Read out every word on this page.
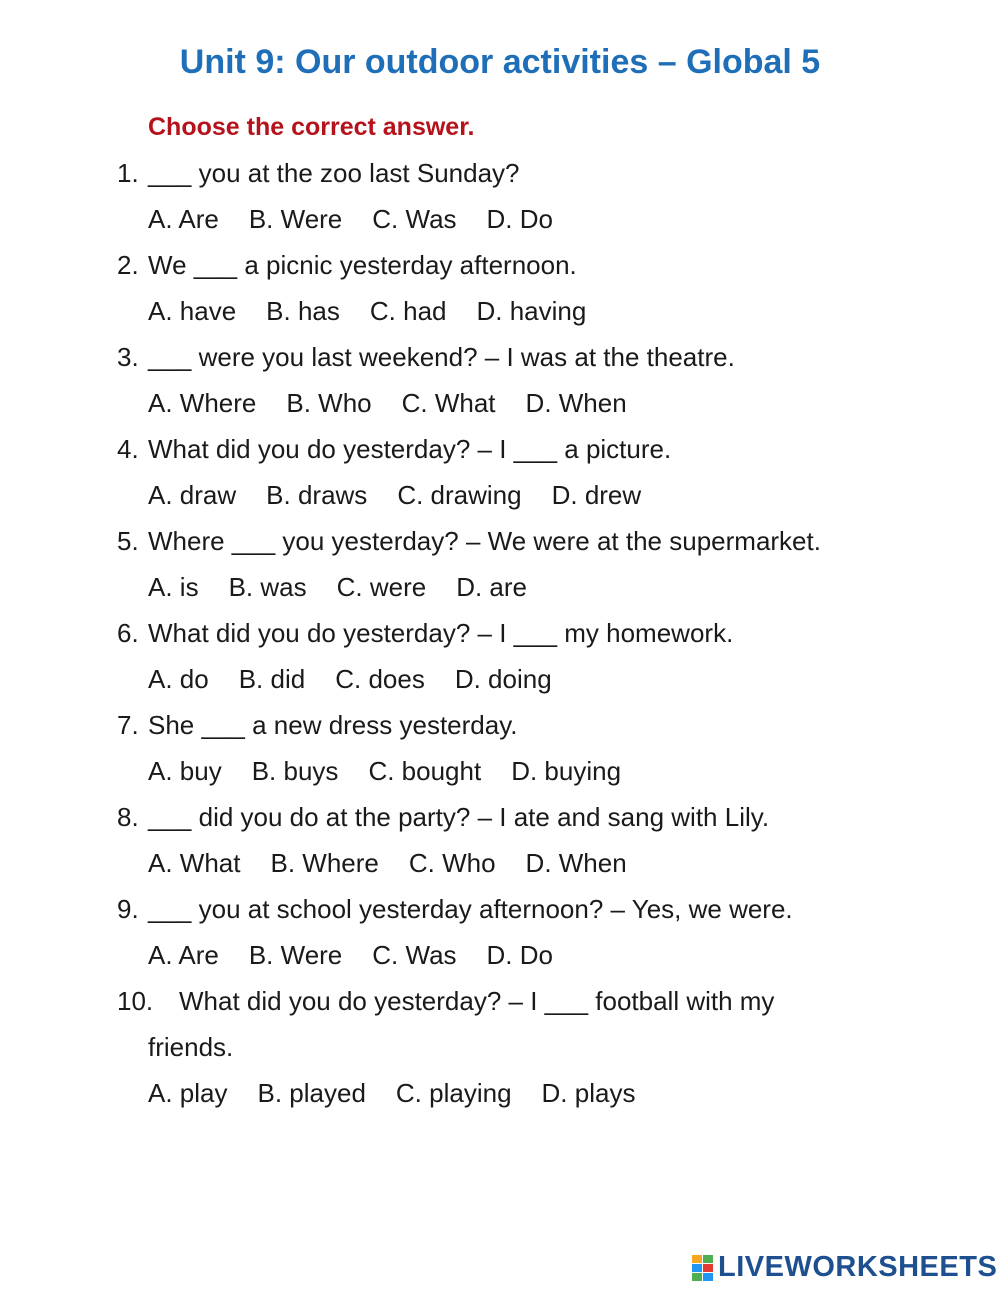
Unit 9: Our outdoor activities – Global 5
Choose the correct answer.
1. ___ you at the zoo last Sunday?
A. Are B. Were C. Was D. Do
2. We ___ a picnic yesterday afternoon.
A. have B. has C. had D. having
3. ___ were you last weekend? – I was at the theatre.
A. Where B. Who C. What D. When
4. What did you do yesterday? – I ___ a picture.
A. draw B. draws C. drawing D. drew
5. Where ___ you yesterday? – We were at the supermarket.
A. is B. was C. were D. are
6. What did you do yesterday? – I ___ my homework.
A. do B. did C. does D. doing
7. She ___ a new dress yesterday.
A. buy B. buys C. bought D. buying
8. ___ did you do at the party? – I ate and sang with Lily.
A. What B. Where C. Who D. When
9. ___ you at school yesterday afternoon? – Yes, we were.
A. Are B. Were C. Was D. Do
10. What did you do yesterday? – I ___ football with my
friends.
A. play B. played C. playing D. plays
LIVEWORKSHEETS
